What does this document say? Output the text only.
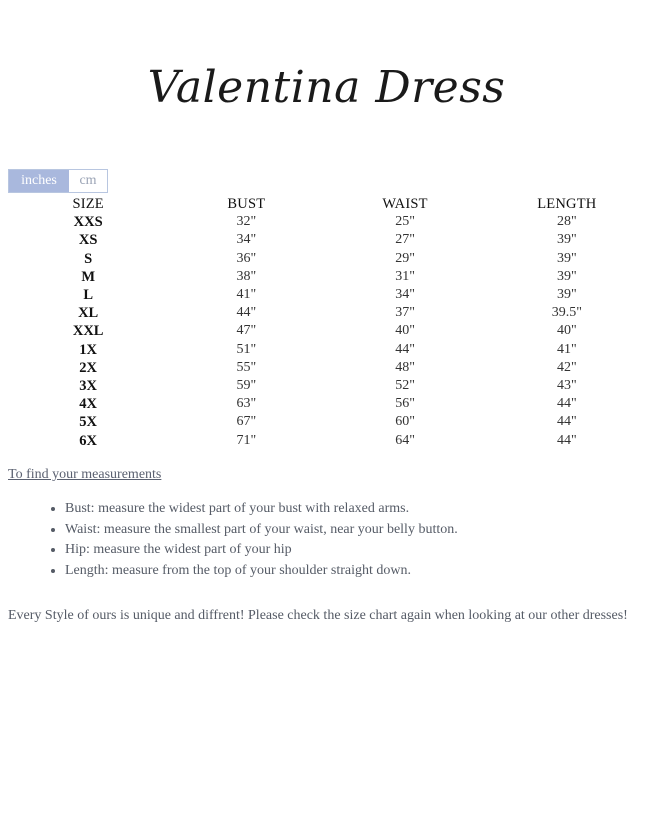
Valentina Dress
inches	cm
SIZE	BUST	WAIST	LENGTH
XXS	32"	25"	28"
XS	34"	27"	39"
S	36"	29"	39"
M	38"	31"	39"
L	41"	34"	39"
XL	44"	37"	39.5"
XXL	47"	40"	40"
1X	51"	44"	41"
2X	55"	48"	42"
3X	59"	52"	43"
4X	63"	56"	44"
5X	67"	60"	44"
6X	71"	64"	44"
To find your measurements
• Bust: measure the widest part of your bust with relaxed arms.
• Waist: measure the smallest part of your waist, near your belly button.
• Hip: measure the widest part of your hip
• Length: measure from the top of your shoulder straight down.
Every Style of ours is unique and diffrent! Please check the size chart again when looking at our other dresses!
